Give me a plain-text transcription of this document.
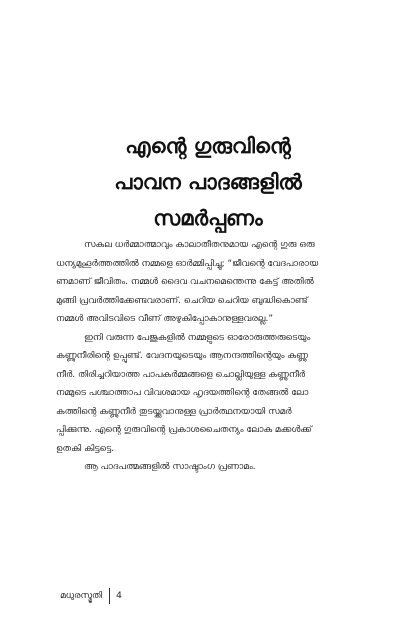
എന്റെ ഗുരുവിന്റെ
പാവന പാദങ്ങളിൽ
സമർപ്പണം
സകല ധർമ്മാത്മാവും കാലാതീതനുമായ എന്റെ ഗുരു ഒരു
ധന്യമുഹൂർത്തത്തിൽ നമ്മളെ ഓർമ്മിപ്പിച്ചു; “ജീവന്റെ വേദപാരായ
ണമാണ് ജീവിതം. നമ്മൾ ദൈവ വചനമെന്തെന്നു കേട്ട് അതിൽ
മുങ്ങി പ്രവർത്തിക്കേണ്ടവരാണ്. ചെറിയ ചെറിയ ബുദ്ധികൊണ്ട്
നമ്മൾ അവിടവിടെ വീണ് അഴുകിപ്പോകാനുള്ളവരല്ല.”
ഇനി വരുന്ന പേജുകളിൽ നമ്മളുടെ ഓരോരുത്തരുടെയും
കണ്ണുനീരിന്റെ ഉപ്പുണ്ട്. വേദനയുടെയും ആനന്ദത്തിന്റെയും കണ്ണു
നീർ. തിരിച്ചറിയാത്ത പാപകർമ്മങ്ങളെ ചൊല്ലിയുള്ള കണ്ണുനീർ
നമ്മുടെ പശ്ചാത്താപ വിവശമായ ഹൃദയത്തിന്റെ തേങ്ങൽ ലോ
കത്തിന്റെ കണ്ണുനീർ തുടയ്ക്കുവാനുള്ള പ്രാർത്ഥനയായി സമർ
പ്പിക്കുന്നു. എന്റെ ഗുരുവിന്റെ പ്രകാശചൈതന്യം ലോക മക്കൾക്ക്
ഉതകി കിട്ടട്ടെ.
ആ പാദപത്മങ്ങളിൽ സാഷ്ടാംഗ പ്രണാമം.
മധുരസ്മൃതി 4
